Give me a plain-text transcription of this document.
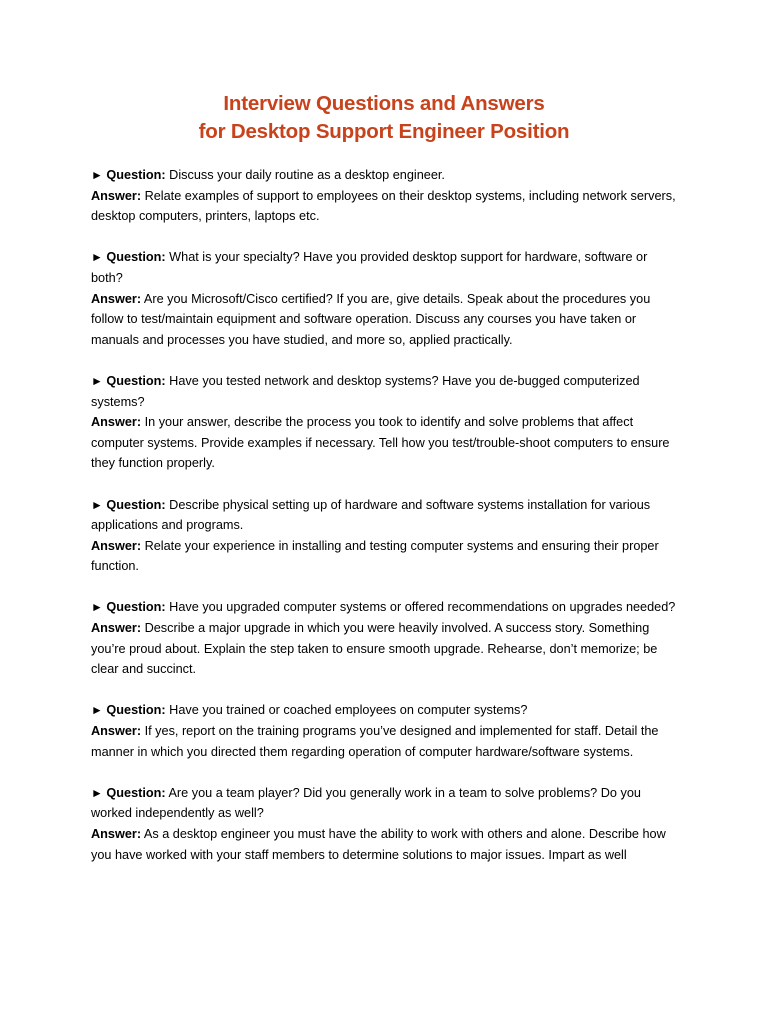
Interview Questions and Answers
for Desktop Support Engineer Position

► Question: Discuss your daily routine as a desktop engineer.

Answer: Relate examples of support to employees on their desktop systems, including network servers, desktop computers, printers, laptops etc.

► Question: What is your specialty? Have you provided desktop support for hardware, software or both?

Answer: Are you Microsoft/Cisco certified? If you are, give details. Speak about the procedures you follow to test/maintain equipment and software operation. Discuss any courses you have taken or manuals and processes you have studied, and more so, applied practically.

► Question: Have you tested network and desktop systems? Have you de-bugged computerized systems?

Answer: In your answer, describe the process you took to identify and solve problems that affect computer systems. Provide examples if necessary. Tell how you test/trouble-shoot computers to ensure they function properly.

► Question: Describe physical setting up of hardware and software systems installation for various applications and programs.

Answer: Relate your experience in installing and testing computer systems and ensuring their proper function.

► Question: Have you upgraded computer systems or offered recommendations on upgrades needed?

Answer: Describe a major upgrade in which you were heavily involved. A success story. Something you’re proud about. Explain the step taken to ensure smooth upgrade. Rehearse, don’t memorize; be clear and succinct.

► Question: Have you trained or coached employees on computer systems?

Answer: If yes, report on the training programs you’ve designed and implemented for staff. Detail the manner in which you directed them regarding operation of computer hardware/software systems.

► Question: Are you a team player? Did you generally work in a team to solve problems? Do you worked independently as well?

Answer: As a desktop engineer you must have the ability to work with others and alone. Describe how you have worked with your staff members to determine solutions to major issues. Impart as well
